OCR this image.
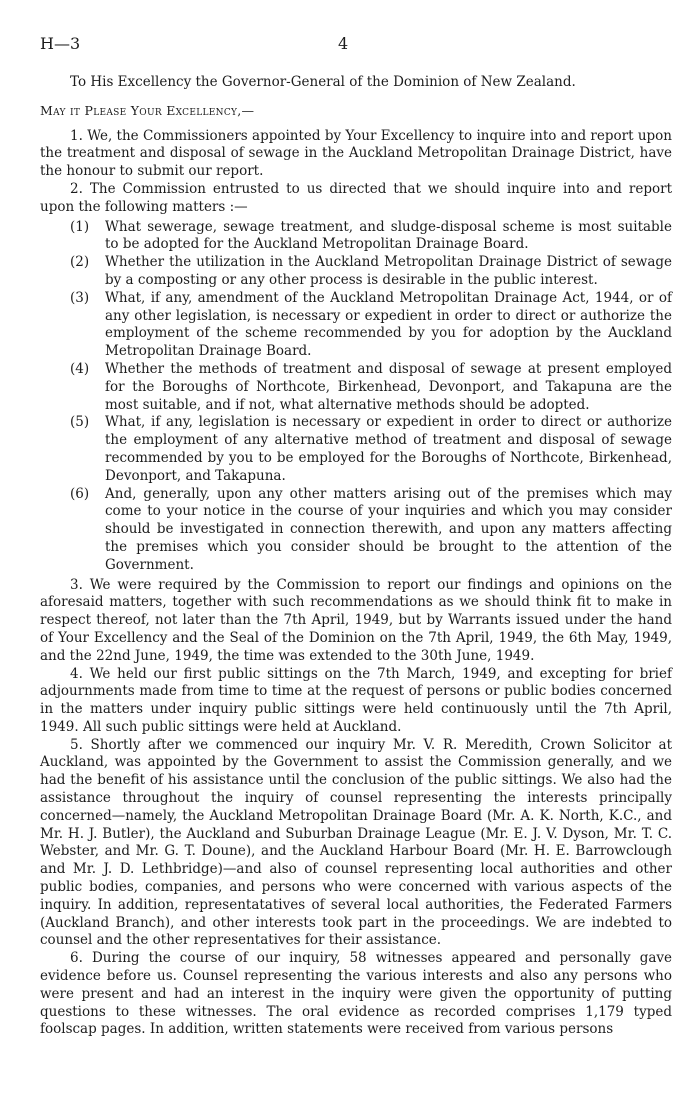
H—3	4

To His Excellency the Governor-General of the Dominion of New Zealand.

May it Please Your Excellency,—

1. We, the Commissioners appointed by Your Excellency to inquire into and report upon the treatment and disposal of sewage in the Auckland Metropolitan Drainage District, have the honour to submit our report.

2. The Commission entrusted to us directed that we should inquire into and report upon the following matters :—

(1) What sewerage, sewage treatment, and sludge-disposal scheme is most suitable to be adopted for the Auckland Metropolitan Drainage Board.
(2) Whether the utilization in the Auckland Metropolitan Drainage District of sewage by a composting or any other process is desirable in the public interest.
(3) What, if any, amendment of the Auckland Metropolitan Drainage Act, 1944, or of any other legislation, is necessary or expedient in order to direct or authorize the employment of the scheme recommended by you for adoption by the Auckland Metropolitan Drainage Board.
(4) Whether the methods of treatment and disposal of sewage at present employed for the Boroughs of Northcote, Birkenhead, Devonport, and Takapuna are the most suitable, and if not, what alternative methods should be adopted.
(5) What, if any, legislation is necessary or expedient in order to direct or authorize the employment of any alternative method of treatment and disposal of sewage recommended by you to be employed for the Boroughs of Northcote, Birkenhead, Devonport, and Takapuna.
(6) And, generally, upon any other matters arising out of the premises which may come to your notice in the course of your inquiries and which you may consider should be investigated in connection therewith, and upon any matters affecting the premises which you consider should be brought to the attention of the Government.

3. We were required by the Commission to report our findings and opinions on the aforesaid matters, together with such recommendations as we should think fit to make in respect thereof, not later than the 7th April, 1949, but by Warrants issued under the hand of Your Excellency and the Seal of the Dominion on the 7th April, 1949, the 6th May, 1949, and the 22nd June, 1949, the time was extended to the 30th June, 1949.

4. We held our first public sittings on the 7th March, 1949, and excepting for brief adjournments made from time to time at the request of persons or public bodies concerned in the matters under inquiry public sittings were held continuously until the 7th April, 1949. All such public sittings were held at Auckland.

5. Shortly after we commenced our inquiry Mr. V. R. Meredith, Crown Solicitor at Auckland, was appointed by the Government to assist the Commission generally, and we had the benefit of his assistance until the conclusion of the public sittings. We also had the assistance throughout the inquiry of counsel representing the interests principally concerned—namely, the Auckland Metropolitan Drainage Board (Mr. A. K. North, K.C., and Mr. H. J. Butler), the Auckland and Suburban Drainage League (Mr. E. J. V. Dyson, Mr. T. C. Webster, and Mr. G. T. Doune), and the Auckland Harbour Board (Mr. H. E. Barrowclough and Mr. J. D. Lethbridge)—and also of counsel representing local authorities and other public bodies, companies, and persons who were concerned with various aspects of the inquiry. In addition, representatatives of several local authorities, the Federated Farmers (Auckland Branch), and other interests took part in the proceedings. We are indebted to counsel and the other representatives for their assistance.

6. During the course of our inquiry, 58 witnesses appeared and personally gave evidence before us. Counsel representing the various interests and also any persons who were present and had an interest in the inquiry were given the opportunity of putting questions to these witnesses. The oral evidence as recorded comprises 1,179 typed foolscap pages. In addition, written statements were received from various persons
